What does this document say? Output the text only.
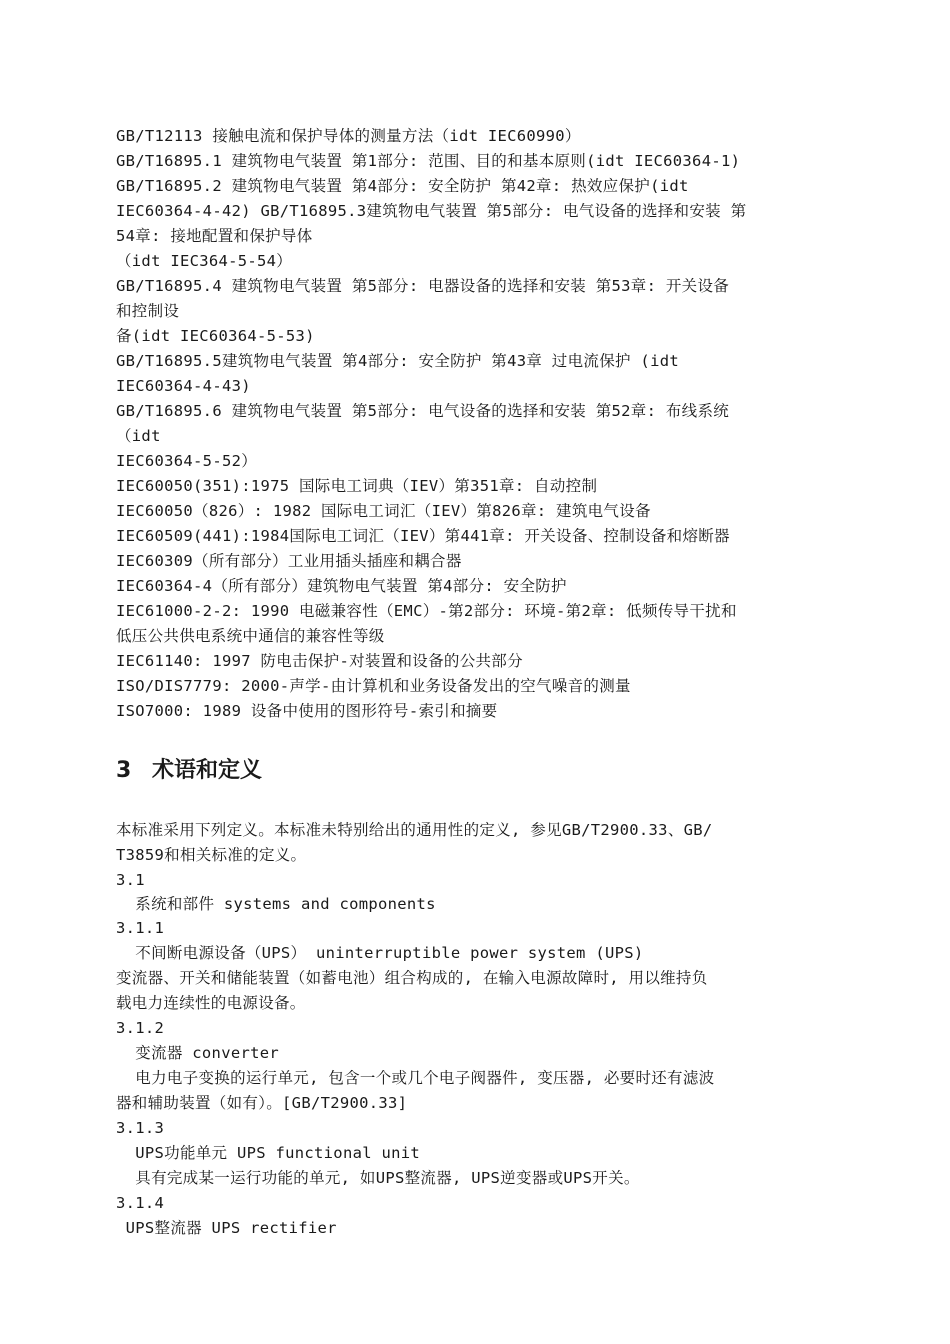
GB/T12113 接触电流和保护导体的测量方法（idt IEC60990）
GB/T16895.1 建筑物电气装置 第1部分: 范围、目的和基本原则(idt IEC60364-1)
GB/T16895.2 建筑物电气装置 第4部分: 安全防护 第42章: 热效应保护(idt
IEC60364-4-42) GB/T16895.3建筑物电气装置 第5部分: 电气设备的选择和安装 第
54章: 接地配置和保护导体
（idt IEC364-5-54）
GB/T16895.4 建筑物电气装置 第5部分: 电器设备的选择和安装 第53章: 开关设备
和控制设
备(idt IEC60364-5-53)
GB/T16895.5建筑物电气装置 第4部分: 安全防护 第43章 过电流保护 (idt
IEC60364-4-43)
GB/T16895.6 建筑物电气装置 第5部分: 电气设备的选择和安装 第52章: 布线系统
（idt
IEC60364-5-52）
IEC60050(351):1975 国际电工词典（IEV）第351章: 自动控制
IEC60050（826）: 1982 国际电工词汇（IEV）第826章: 建筑电气设备
IEC60509(441):1984国际电工词汇（IEV）第441章: 开关设备、控制设备和熔断器
IEC60309（所有部分）工业用插头插座和耦合器
IEC60364-4（所有部分）建筑物电气装置 第4部分: 安全防护
IEC61000-2-2: 1990 电磁兼容性（EMC）-第2部分: 环境-第2章: 低频传导干扰和
低压公共供电系统中通信的兼容性等级
IEC61140: 1997 防电击保护-对装置和设备的公共部分
ISO/DIS7779: 2000-声学-由计算机和业务设备发出的空气噪音的测量
ISO7000: 1989 设备中使用的图形符号-索引和摘要
3 术语和定义
本标准采用下列定义。本标准未特别给出的通用性的定义, 参见GB/T2900.33、GB/
T3859和相关标准的定义。
3.1
系统和部件 systems and components
3.1.1
不间断电源设备（UPS） uninterruptible power system (UPS)
变流器、开关和储能装置（如蓄电池）组合构成的, 在输入电源故障时, 用以维持负
载电力连续性的电源设备。
3.1.2
变流器 converter
电力电子变换的运行单元, 包含一个或几个电子阀器件, 变压器, 必要时还有滤波
器和辅助装置（如有）。[GB/T2900.33]
3.1.3
UPS功能单元 UPS functional unit
具有完成某一运行功能的单元, 如UPS整流器, UPS逆变器或UPS开关。
3.1.4
UPS整流器 UPS rectifier
